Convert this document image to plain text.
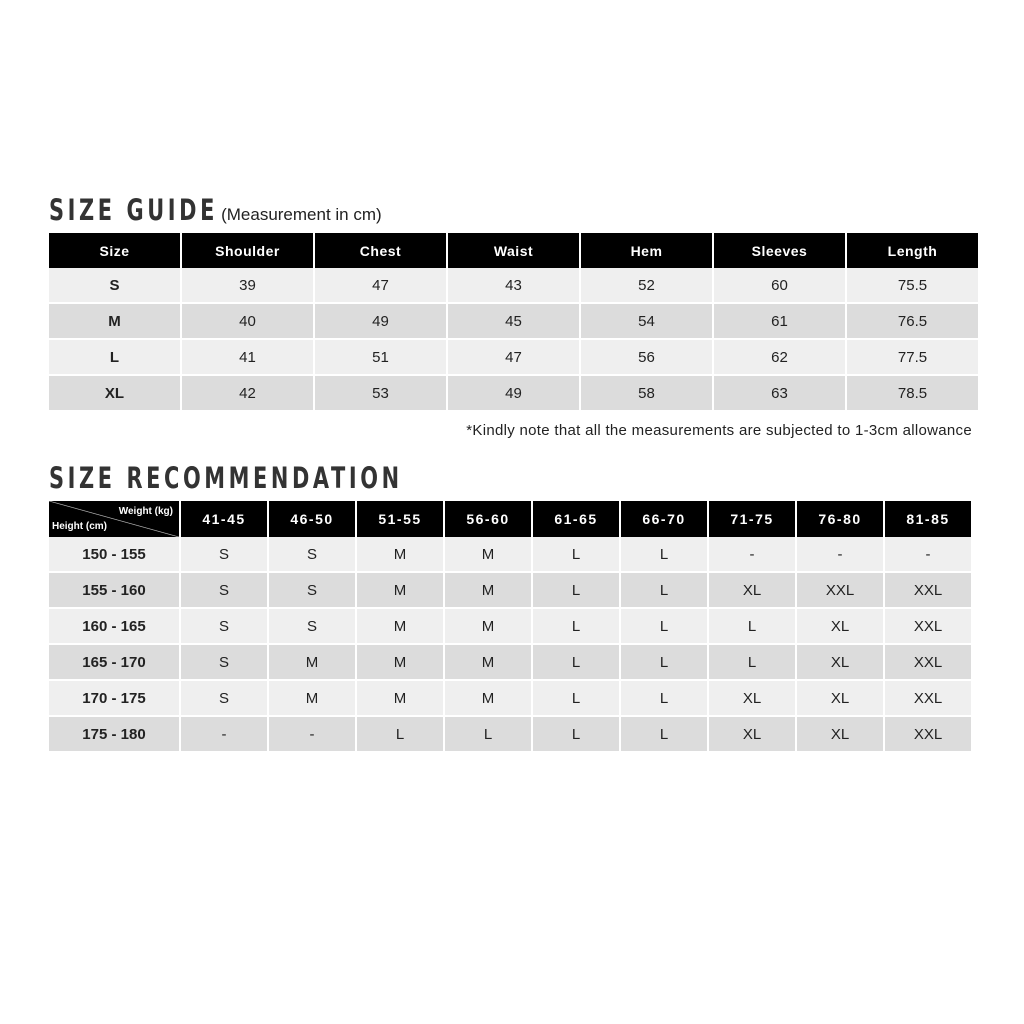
SIZE GUIDE (Measurement in cm)
Size	Shoulder	Chest	Waist	Hem	Sleeves	Length
S	39	47	43	52	60	75.5
M	40	49	45	54	61	76.5
L	41	51	47	56	62	77.5
XL	42	53	49	58	63	78.5
*Kindly note that all the measurements are subjected to 1-3cm allowance
SIZE RECOMMENDATION
Weight (kg)
Height (cm)	41-45	46-50	51-55	56-60	61-65	66-70	71-75	76-80	81-85
150 - 155	S	S	M	M	L	L	-	-	-
155 - 160	S	S	M	M	L	L	XL	XXL	XXL
160 - 165	S	S	M	M	L	L	L	XL	XXL
165 - 170	S	M	M	M	L	L	L	XL	XXL
170 - 175	S	M	M	M	L	L	XL	XL	XXL
175 - 180	-	-	L	L	L	L	XL	XL	XXL
